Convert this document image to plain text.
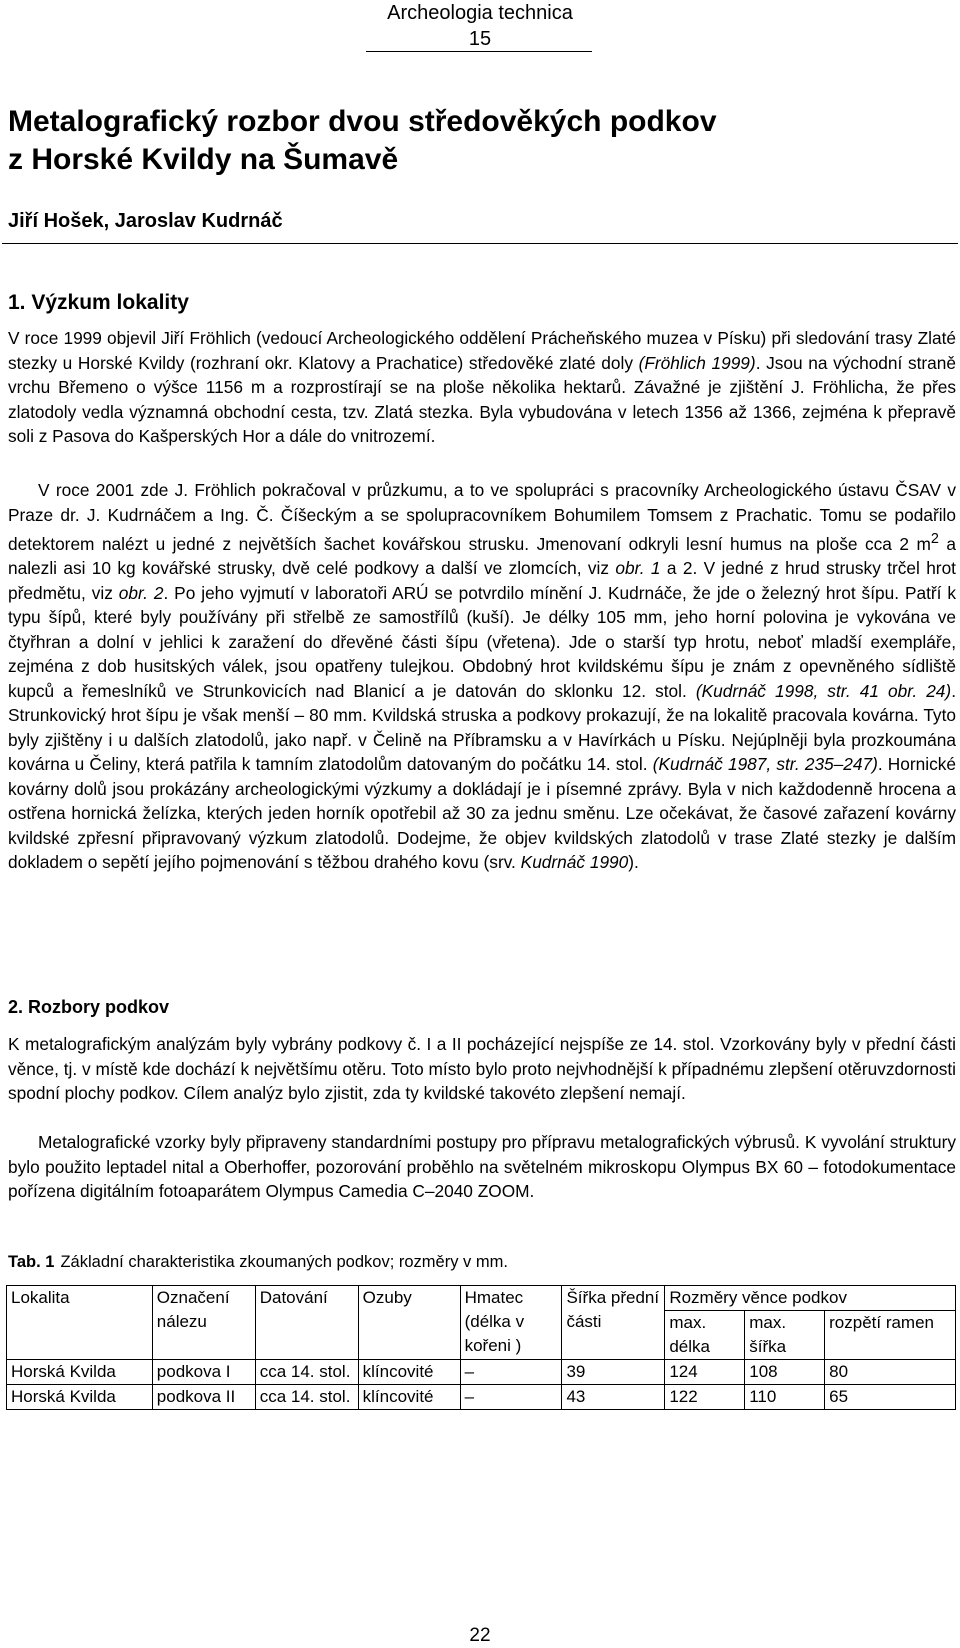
Archeologia technica
15
Metalografický rozbor dvou středověkých podkov
z Horské Kvildy na Šumavě

Jiří Hošek, Jaroslav Kudrnáč

1. Výzkum lokality

V roce 1999 objevil Jiří Fröhlich (vedoucí Archeologického oddělení Prácheňského muzea v Písku) při sledování trasy Zlaté stezky u Horské Kvildy (rozhraní okr. Klatovy a Prachatice) středověké zlaté doly (Fröhlich 1999). Jsou na východní straně vrchu Břemeno o výšce 1156 m a rozprostírají se na ploše několika hektarů. Závažné je zjištění J. Fröhlicha, že přes zlatodoly vedla významná obchodní cesta, tzv. Zlatá stezka. Byla vybudována v letech 1356 až 1366, zejména k přepravě soli z Pasova do Kašperských Hor a dále do vnitrozemí.

V roce 2001 zde J. Fröhlich pokračoval v průzkumu, a to ve spolupráci s pracovníky Archeologického ústavu ČSAV v Praze dr. J. Kudrnáčem a Ing. Č. Číšeckým a se spolupracovníkem Bohumilem Tomsem z Prachatic. Tomu se podařilo detektorem nalézt u jedné z největších šachet kovářskou strusku. Jmenovaní odkryli lesní humus na ploše cca 2 $m^2$ a nalezli asi 10 kg kovářské strusky, dvě celé podkovy a další ve zlomcích, viz obr. 1 a 2. V jedné z hrud strusky trčel hrot předmětu, viz obr. 2. Po jeho vyjmutí v laboratoři ARÚ se potvrdilo mínění J. Kudrnáče, že jde o železný hrot šípu. Patří k typu šípů, které byly používány při střelbě ze samostřílů (kuší). Je délky 105 mm, jeho horní polovina je vykována ve čtyřhran a dolní v jehlici k zaražení do dřevěné části šípu (vřetena). Jde o starší typ hrotu, neboť mladší exempláře, zejména z dob husitských válek, jsou opatřeny tulejkou. Obdobný hrot kvildskému šípu je znám z opevněného sídliště kupců a řemeslníků ve Strunkovicích nad Blanicí a je datován do sklonku 12. stol. (Kudrnáč 1998, str. 41 obr. 24). Strunkovický hrot šípu je však menší – 80 mm. Kvildská struska a podkovy prokazují, že na lokalitě pracovala kovárna. Tyto byly zjištěny i u dalších zlatodolů, jako např. v Čelině na Příbramsku a v Havírkách u Písku. Nejúplněji byla prozkoumána kovárna u Čeliny, která patřila k tamním zlatodolům datovaným do počátku 14. stol. (Kudrnáč 1987, str. 235–247). Hornické kovárny dolů jsou prokázány archeologickými výzkumy a dokládají je i písemné zprávy. Byla v nich každodenně hrocena a ostřena hornická želízka, kterých jeden horník opotřebil až 30 za jednu směnu. Lze očekávat, že časové zařazení kovárny kvildské zpřesní připravovaný výzkum zlatodolů. Dodejme, že objev kvildských zlatodolů v trase Zlaté stezky je dalším dokladem o sepětí jejího pojmenování s těžbou drahého kovu (srv. Kudrnáč 1990).

2. Rozbory podkov

K metalografickým analýzám byly vybrány podkovy č. I a II pocházející nejspíše ze 14. stol. Vzorkovány byly v přední části věnce, tj. v místě kde dochází k největšímu otěru. Toto místo bylo proto nejvhodnější k případnému zlepšení otěruvzdornosti spodní plochy podkov. Cílem analýz bylo zjistit, zda ty kvildské takovéto zlepšení nemají.

Metalografické vzorky byly připraveny standardními postupy pro přípravu metalografických výbrusů. K vyvolání struktury bylo použito leptadel nital a Oberhoffer, pozorování proběhlo na světelném mikroskopu Olympus BX 60 – fotodokumentace pořízena digitálním fotoaparátem Olympus Camedia C–2040 ZOOM.

Tab. 1 Základní charakteristika zkoumaných podkov; rozměry v mm.

Lokalita	Označení nálezu	Datování	Ozuby	Hmatec (délka v kořeni )	Šířka přední části	Rozměry věnce podkov		
						max. délka	max. šířka	rozpětí ramen
Horská Kvilda	podkova I	cca 14. stol.	klíncovité	–	39	124	108	80
Horská Kvilda	podkova II	cca 14. stol.	klíncovité	–	43	122	110	65
22
